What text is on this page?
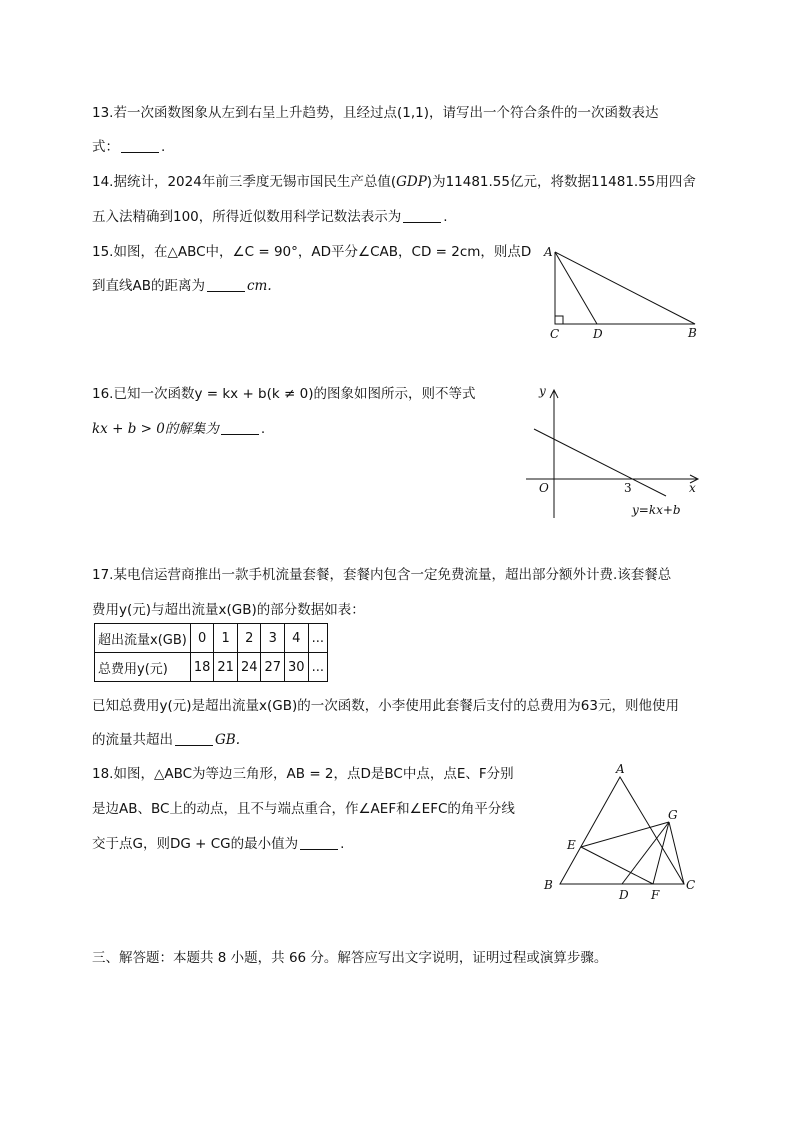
13.若一次函数图象从左到右呈上升趋势，且经过点(1,1)，请写出一个符合条件的一次函数表达
式：	.
14.据统计，2024年前三季度无锡市国民生产总值(GDP)为11481.55亿元，将数据11481.55用四舍
五入法精确到100，所得近似数用科学记数法表示为	.
15.如图，在△ABC中，∠C = 90°，AD平分∠CAB，CD = 2cm，则点D
到直线AB的距离为	cm.
A
C	D	B
16.已知一次函数y = kx + b(k ≠ 0)的图象如图所示，则不等式
kx + b > 0的解集为	.
y
x
O	3
y=kx+b
17.某电信运营商推出一款手机流量套餐，套餐内包含一定免费流量，超出部分额外计费.该套餐总
费用y(元)与超出流量x(GB)的部分数据如表：
超出流量x(GB)	0	1	2	3	4	...
总费用y(元)	18	21	24	27	30	...
已知总费用y(元)是超出流量x(GB)的一次函数，小李使用此套餐后支付的总费用为63元，则他使用
的流量共超出	GB.
18.如图，△ABC为等边三角形，AB = 2，点D是BC中点，点E、F分别
是边AB、BC上的动点，且不与端点重合，作∠AEF和∠EFC的角平分线
交于点G，则DG + CG的最小值为	.
A
B	C
D F
E
G
三、解答题：本题共 8 小题，共 66 分。解答应写出文字说明，证明过程或演算步骤。
